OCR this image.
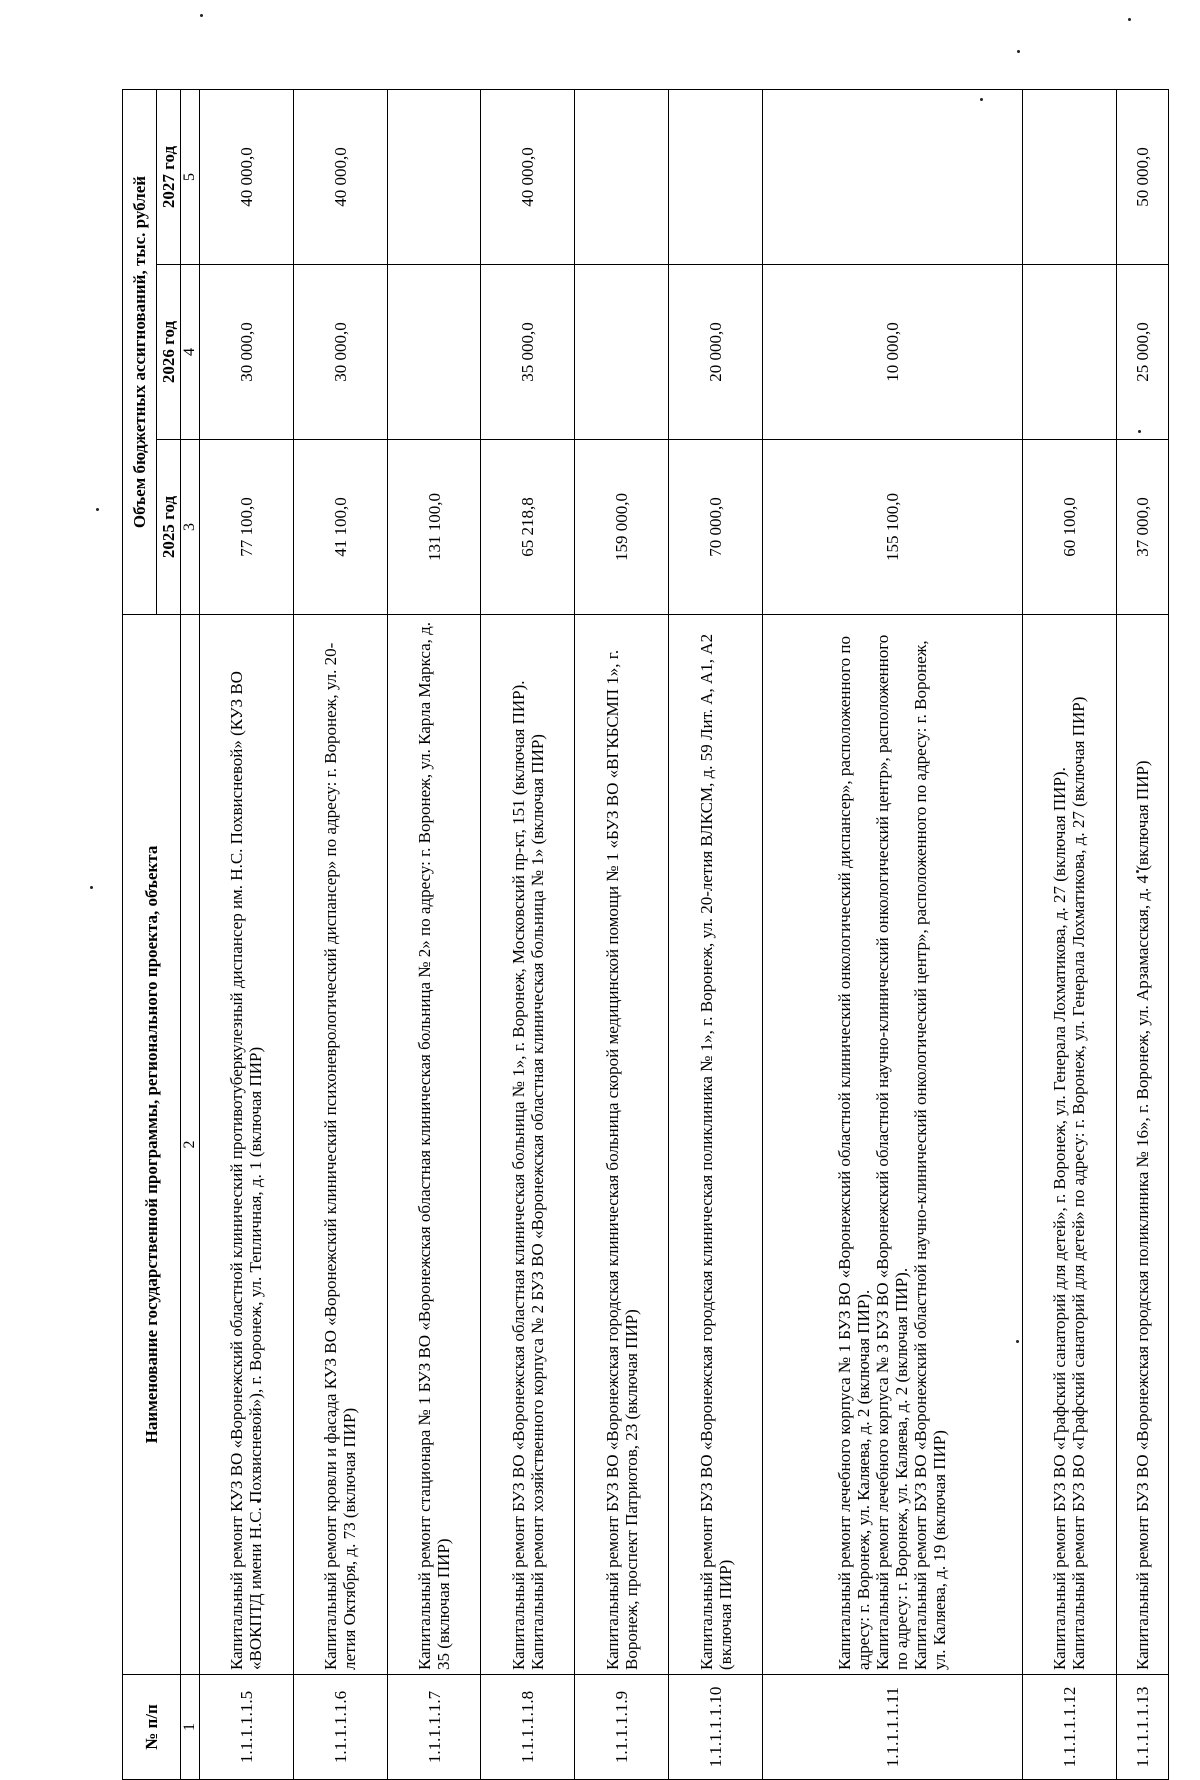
№ п/п	Наименование государственной программы, регионального проекта, объекта	Объем бюджетных ассигнований, тыс. рублей		
		2025 год	2026 год	2027 год
1	2	3	4	5
1.1.1.1.1.5	Капитальный ремонт КУЗ ВО «Воронежский областной клинический противотуберкулезный диспансер им. Н.С. Похвисневой» (КУЗ ВО «ВОКПТД имени Н.С. Похвисневой»), г. Воронеж, ул. Тепличная, д. 1 (включая ПИР)	77 100,0	30 000,0	40 000,0
1.1.1.1.1.6	Капитальный ремонт кровли и фасада КУЗ ВО «Воронежский клинический психоневрологический диспансер» по адресу: г. Воронеж, ул. 20-летия Октября, д. 73 (включая ПИР)	41 100,0	30 000,0	40 000,0
1.1.1.1.1.7	Капитальный ремонт стационара № 1 БУЗ ВО «Воронежская областная клиническая больница № 2» по адресу: г. Воронеж, ул. Карла Маркса, д. 35 (включая ПИР)	131 100,0		
1.1.1.1.1.8	Капитальный ремонт БУЗ ВО «Воронежская областная клиническая больница № 1», г. Воронеж, Московский пр-кт, 151 (включая ПИР). Капитальный ремонт хозяйственного корпуса № 2 БУЗ ВО «Воронежская областная клиническая больница № 1» (включая ПИР)	65 218,8	35 000,0	40 000,0
1.1.1.1.1.9	Капитальный ремонт БУЗ ВО «Воронежская городская клиническая больница скорой медицинской помощи № 1 «БУЗ ВО «ВГКБСМП 1», г. Воронеж, проспект Патриотов, 23 (включая ПИР)	159 000,0		
1.1.1.1.1.10	Капитальный ремонт БУЗ ВО «Воронежская городская клиническая поликлиника № 1», г. Воронеж, ул. 20-летия ВЛКСМ, д. 59 Лит. А, А1, А2 (включая ПИР)	70 000,0	20 000,0	
1.1.1.1.1.11	Капитальный ремонт лечебного корпуса № 1 БУЗ ВО «Воронежский областной клинический онкологический диспансер», расположенного по адресу: г. Воронеж, ул. Каляева, д. 2 (включая ПИР). Капитальный ремонт лечебного корпуса № 3 БУЗ ВО «Воронежский областной научно-клинический онкологический центр», расположенного по адресу: г. Воронеж, ул. Каляева, д. 2 (включая ПИР). Капитальный ремонт БУЗ ВО «Воронежский областной научно-клинический онкологический центр», расположенного по адресу: г. Воронеж, ул. Каляева, д. 19 (включая ПИР)	155 100,0	10 000,0	
1.1.1.1.1.12	Капитальный ремонт БУЗ ВО «Графский санаторий для детей», г. Воронеж, ул. Генерала Лохматикова, д. 27 (включая ПИР). Капитальный ремонт БУЗ ВО «Графский санаторий для детей» по адресу: г. Воронеж, ул. Генерала Лохматикова, д. 27 (включая ПИР)	60 100,0		
1.1.1.1.1.13	Капитальный ремонт БУЗ ВО «Воронежская городская поликлиника № 16», г. Воронеж, ул. Арзамасская, д. 4 (включая ПИР)	37 000,0	25 000,0	50 000,0
